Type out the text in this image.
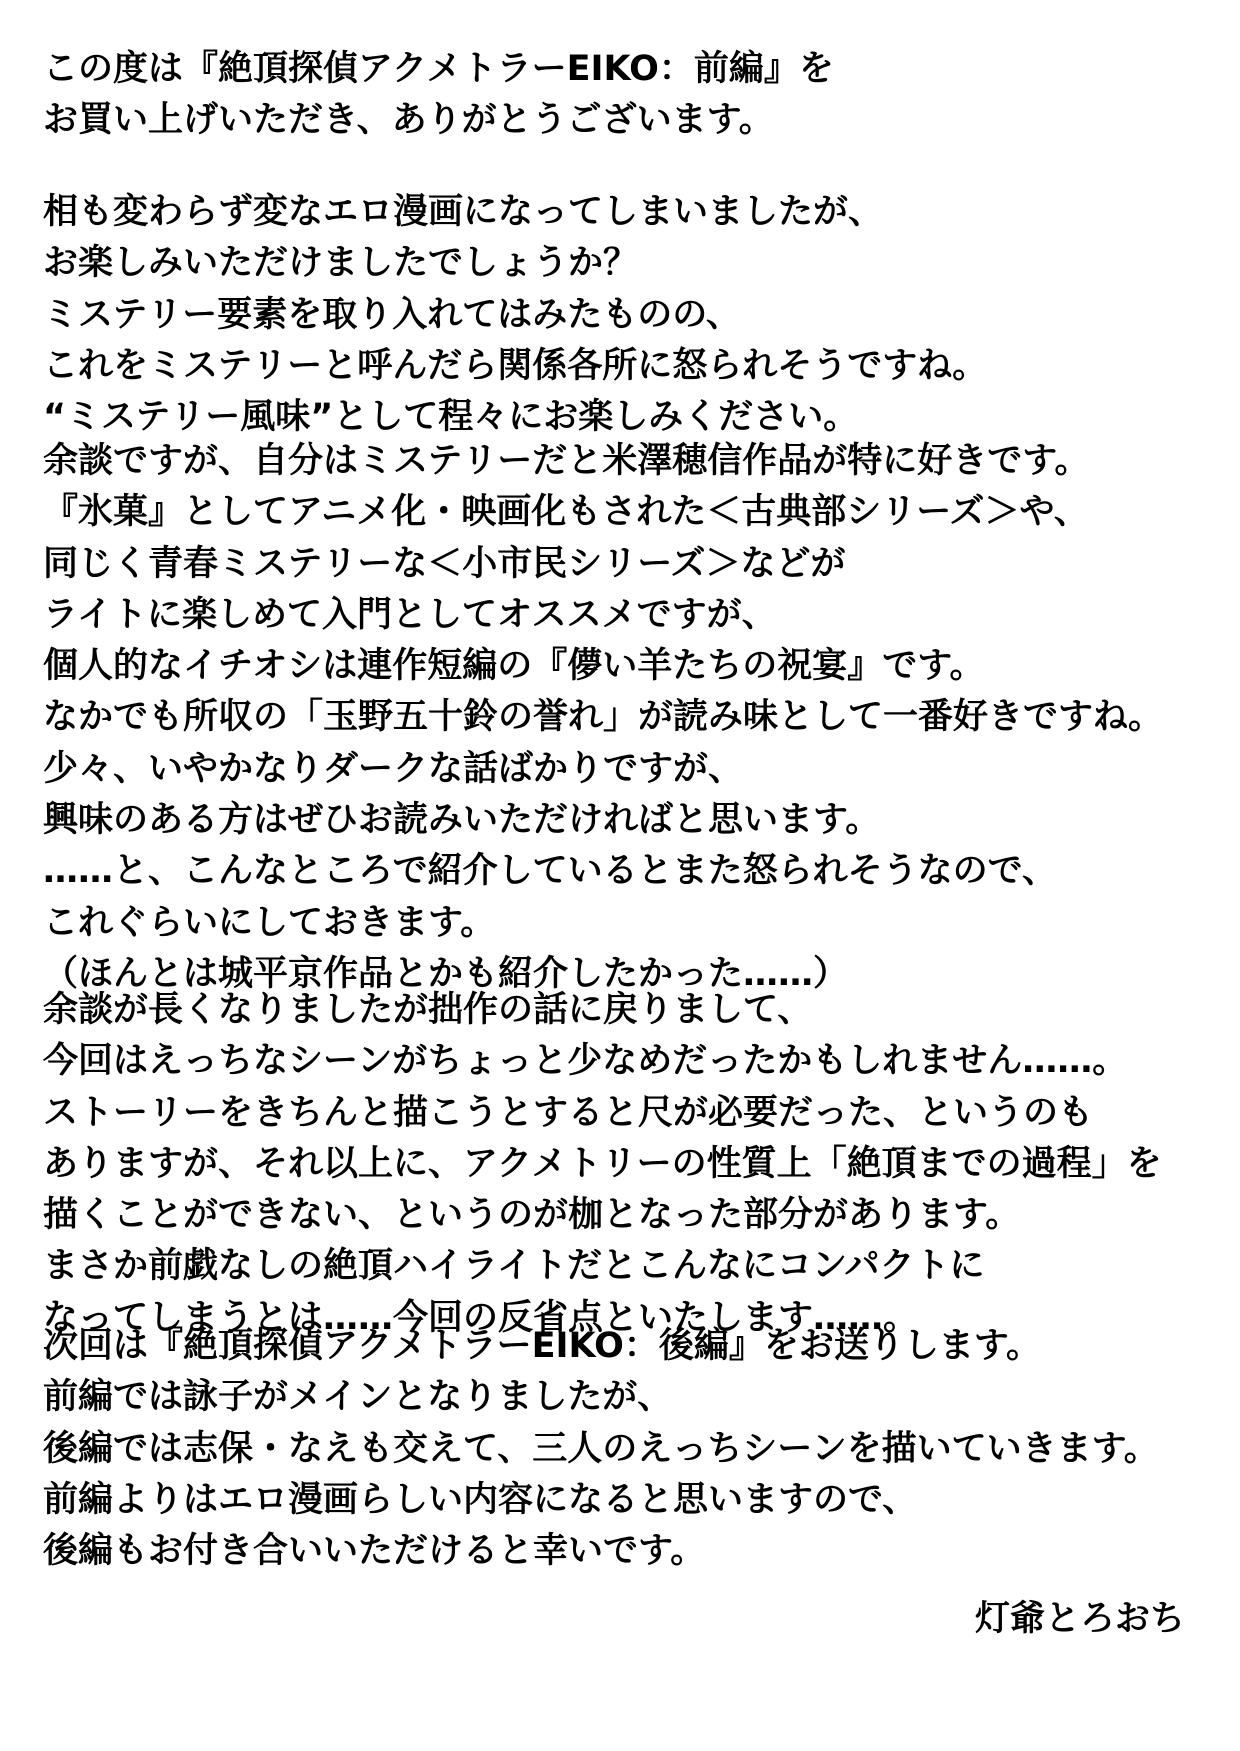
この度は『絶頂探偵アクメトラーEIKO：前編』を
お買い上げいただき、ありがとうございます。
相も変わらず変なエロ漫画になってしまいましたが、
お楽しみいただけましたでしょうか？
ミステリー要素を取り入れてはみたものの、
これをミステリーと呼んだら関係各所に怒られそうですね。
“ミステリー風味”として程々にお楽しみください。
余談ですが、自分はミステリーだと米澤穂信作品が特に好きです。
『氷菓』としてアニメ化・映画化もされた＜古典部シリーズ＞や、
同じく青春ミステリーな＜小市民シリーズ＞などが
ライトに楽しめて入門としてオススメですが、
個人的なイチオシは連作短編の『儚い羊たちの祝宴』です。
なかでも所収の「玉野五十鈴の誉れ」が読み味として一番好きですね。
少々、いやかなりダークな話ばかりですが、
興味のある方はぜひお読みいただければと思います。
……と、こんなところで紹介しているとまた怒られそうなので、
これぐらいにしておきます。
（ほんとは城平京作品とかも紹介したかった……）
余談が長くなりましたが拙作の話に戻りまして、
今回はえっちなシーンがちょっと少なめだったかもしれません……。
ストーリーをきちんと描こうとすると尺が必要だった、というのも
ありますが、それ以上に、アクメトリーの性質上「絶頂までの過程」を
描くことができない、というのが枷となった部分があります。
まさか前戯なしの絶頂ハイライトだとこんなにコンパクトに
なってしまうとは……今回の反省点といたします……。
次回は『絶頂探偵アクメトラーEIKO：後編』をお送りします。
前編では詠子がメインとなりましたが、
後編では志保・なえも交えて、三人のえっちシーンを描いていきます。
前編よりはエロ漫画らしい内容になると思いますので、
後編もお付き合いいただけると幸いです。
灯爺とろおち
